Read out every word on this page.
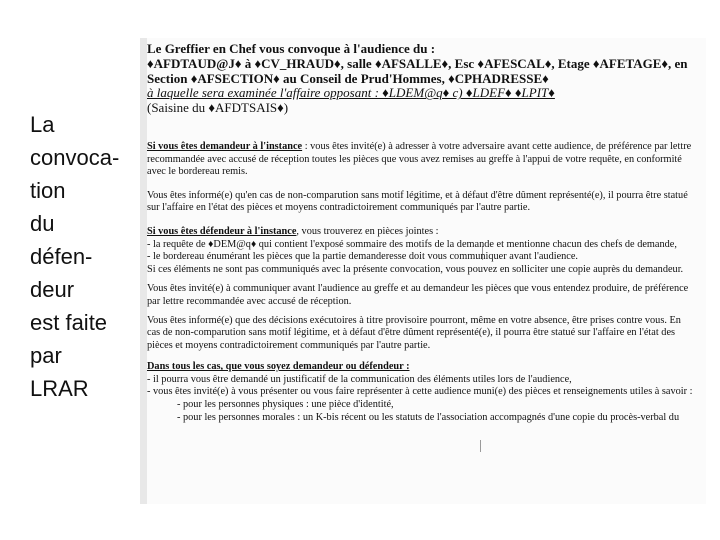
La
convoca-
tion
du
défen-
deur
est faite
par
LRAR
Le Greffier en Chef vous convoque à l'audience du :
♦AFDTAUD@J♦ à ♦CV_HRAUD♦, salle ♦AFSALLE♦, Esc ♦AFESCAL♦, Etage ♦AFETAGE♦, en
Section ♦AFSECTION♦ au Conseil de Prud'Hommes, ♦CPHADRESSE♦
à laquelle sera examinée l'affaire opposant : ♦LDEM@q♦ c) ♦LDEF♦ ♦LPIT♦
(Saisine du ♦AFDTSAIS♦)
Si vous êtes demandeur à l'instance : vous êtes invité(e) à adresser à votre adversaire avant cette audience, de préférence par lettre
recommandée avec accusé de réception toutes les pièces que vous avez remises au greffe à l'appui de votre requête, en conformité
avec le bordereau remis.
Vous êtes informé(e) qu'en cas de non-comparution sans motif légitime, et à défaut d'être dûment représenté(e), il pourra être statué
sur l'affaire en l'état des pièces et moyens contradictoirement communiqués par l'autre partie.
Si vous êtes défendeur à l'instance, vous trouverez en pièces jointes :
- la requête de ♦DEM@q♦ qui contient l'exposé sommaire des motifs de la demande et mentionne chacun des chefs de demande,
- le bordereau énumérant les pièces que la partie demanderesse doit vous communiquer avant l'audience.
Si ces éléments ne sont pas communiqués avec la présente convocation, vous pouvez en solliciter une copie auprès du demandeur.
Vous êtes invité(e) à communiquer avant l'audience au greffe et au demandeur les pièces que vous entendez produire, de préférence
par lettre recommandée avec accusé de réception.
Vous êtes informé(e) que des décisions exécutoires à titre provisoire pourront, même en votre absence, être prises contre vous. En
cas de non-comparution sans motif légitime, et à défaut d'être dûment représenté(e), il pourra être statué sur l'affaire en l'état des
pièces et moyens contradictoirement communiqués par l'autre partie.
Dans tous les cas, que vous soyez demandeur ou défendeur :
- il pourra vous être demandé un justificatif de la communication des éléments utiles lors de l'audience,
- vous êtes invité(e) à vous présenter ou vous faire représenter à cette audience muni(e) des pièces et renseignements utiles à savoir :
- pour les personnes physiques : une pièce d'identité,
- pour les personnes morales : un K-bis récent ou les statuts de l'association accompagnés d'une copie du procès-verbal du
